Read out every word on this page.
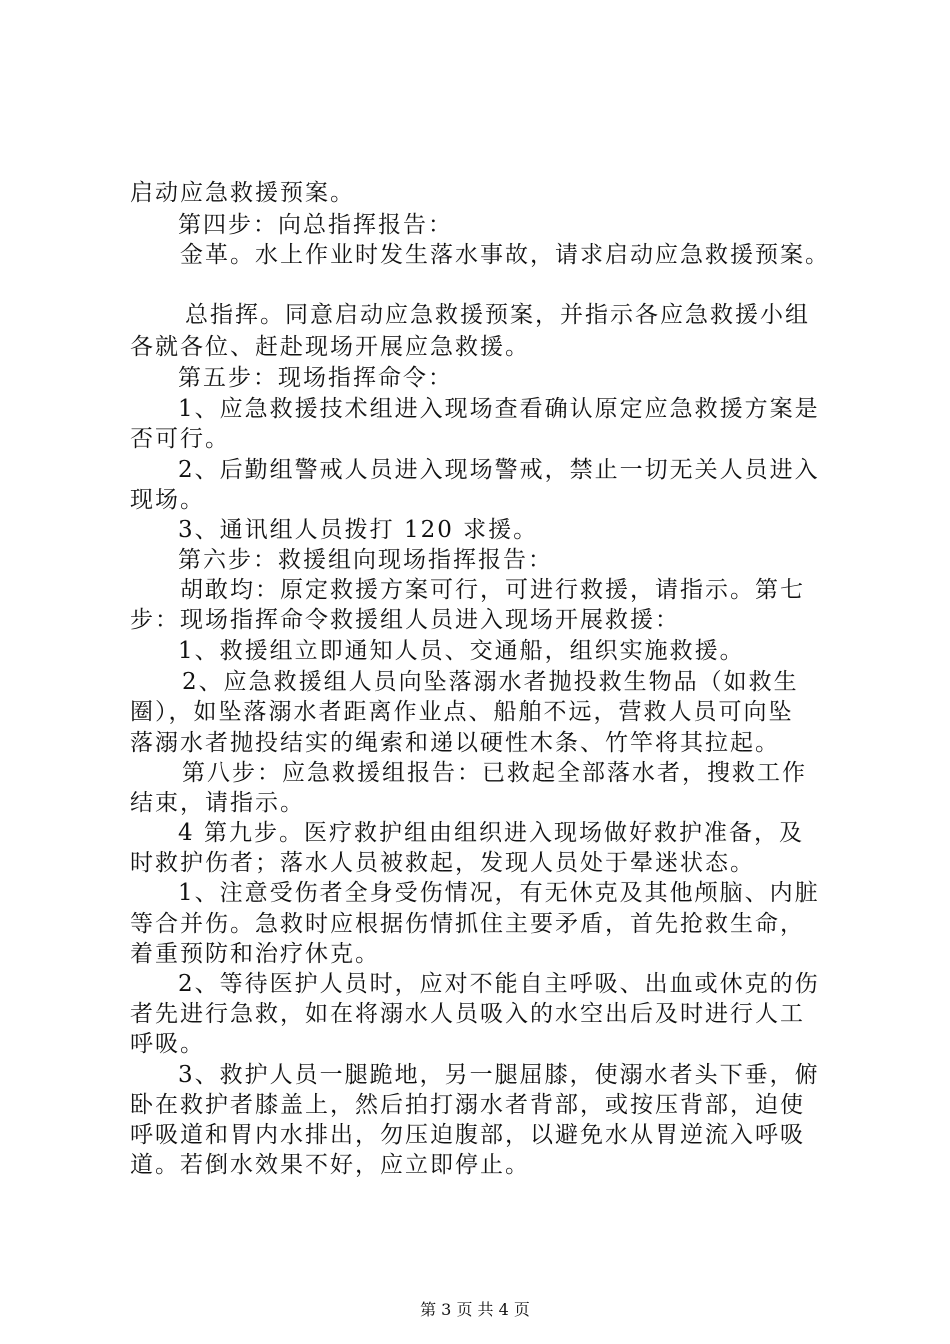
启动应急救援预案。
第四步：向总指挥报告：
金革。水上作业时发生落水事故，请求启动应急救援预案。
总指挥。同意启动应急救援预案，并指示各应急救援小组
各就各位、赶赴现场开展应急救援。
第五步：现场指挥命令：
1、应急救援技术组进入现场查看确认原定应急救援方案是
否可行。
2、后勤组警戒人员进入现场警戒，禁止一切无关人员进入
现场。
3、通讯组人员拨打 120 求援。
第六步：救援组向现场指挥报告：
胡敢均：原定救援方案可行，可进行救援，请指示。第七
步：现场指挥命令救援组人员进入现场开展救援：
1、救援组立即通知人员、交通船，组织实施救援。
2、应急救援组人员向坠落溺水者抛投救生物品（如救生
圈），如坠落溺水者距离作业点、船舶不远，营救人员可向坠
落溺水者抛投结实的绳索和递以硬性木条、竹竿将其拉起。
第八步：应急救援组报告：已救起全部落水者，搜救工作
结束，请指示。
4 第九步。医疗救护组由组织进入现场做好救护准备，及
时救护伤者；落水人员被救起，发现人员处于晕迷状态。
1、注意受伤者全身受伤情况，有无休克及其他颅脑、内脏
等合并伤。急救时应根据伤情抓住主要矛盾，首先抢救生命，
着重预防和治疗休克。
2、等待医护人员时，应对不能自主呼吸、出血或休克的伤
者先进行急救，如在将溺水人员吸入的水空出后及时进行人工
呼吸。
3、救护人员一腿跪地，另一腿屈膝，使溺水者头下垂，俯
卧在救护者膝盖上，然后拍打溺水者背部，或按压背部，迫使
呼吸道和胃内水排出，勿压迫腹部，以避免水从胃逆流入呼吸
道。若倒水效果不好，应立即停止。
第 3 页 共 4 页
